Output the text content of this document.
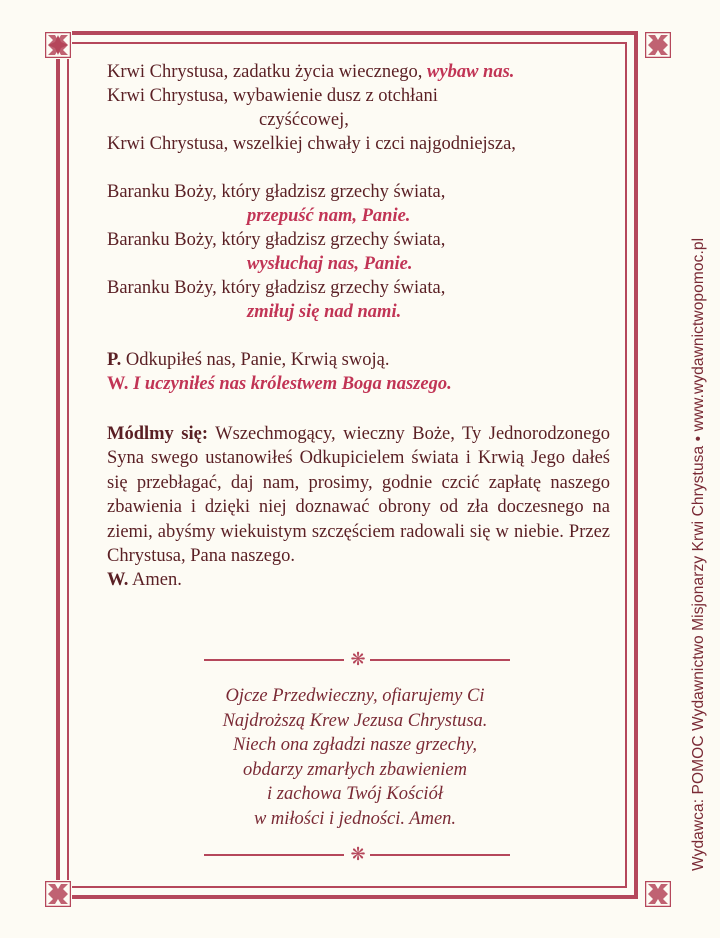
Wydawca: POMOC Wydawnictwo Misjonarzy Krwi Chrystusa • www.wydawnictwopomoc.pl
Krwi Chrystusa, zadatku życia wiecznego, wybaw nas.
Krwi Chrystusa, wybawienie dusz z otchłani
czyśćcowej,
Krwi Chrystusa, wszelkiej chwały i czci najgodniejsza,
Baranku Boży, który gładzisz grzechy świata,
przepuść nam, Panie.
Baranku Boży, który gładzisz grzechy świata,
wysłuchaj nas, Panie.
Baranku Boży, który gładzisz grzechy świata,
zmiłuj się nad nami.
P. Odkupiłeś nas, Panie, Krwią swoją.
W. I uczyniłeś nas królestwem Boga naszego.
Módlmy się: Wszechmogący, wieczny Boże, Ty Jednorodzonego Syna swego ustanowiłeś Odkupicielem świata i Krwią Jego dałeś się przebłagać, daj nam, prosimy, godnie czcić zapłatę naszego zbawienia i dzięki niej doznawać obrony od zła doczesnego na ziemi, abyśmy wiekuistym szczęściem radowali się w niebie. Przez Chrystusa, Pana naszego.
W. Amen.
❋
Ojcze Przedwieczny, ofiarujemy Ci
Najdroższą Krew Jezusa Chrystusa.
Niech ona zgładzi nasze grzechy,
obdarzy zmarłych zbawieniem
i zachowa Twój Kościół
w miłości i jedności. Amen.
❋
